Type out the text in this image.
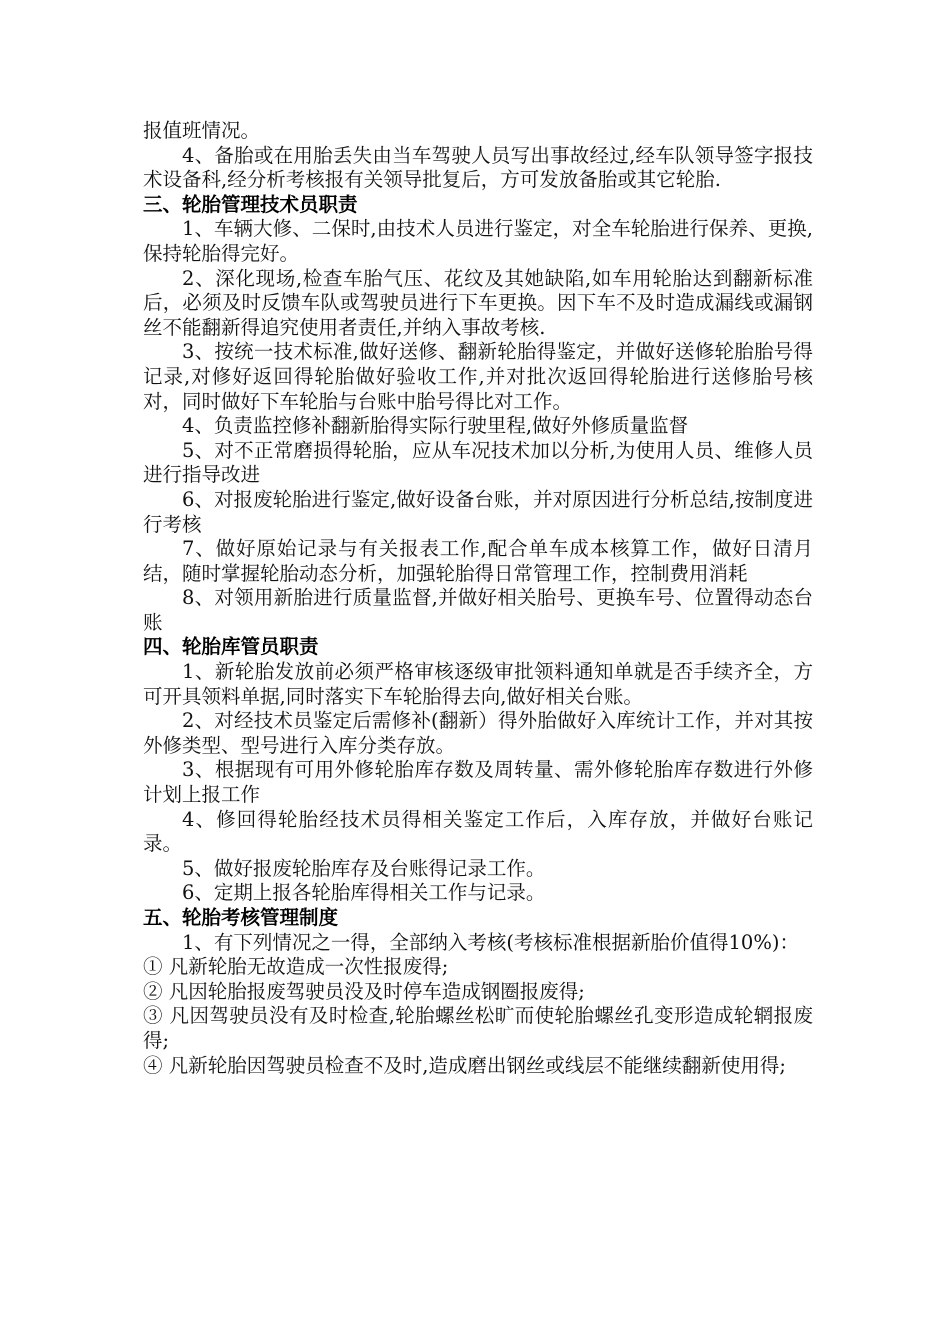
报值班情况。

4、备胎或在用胎丢失由当车驾驶人员写出事故经过,经车队领导签字报技术设备科,经分析考核报有关领导批复后，方可发放备胎或其它轮胎.

三、轮胎管理技术员职责

1、车辆大修、二保时,由技术人员进行鉴定，对全车轮胎进行保养、更换,保持轮胎得完好。

2、深化现场,检查车胎气压、花纹及其她缺陷,如车用轮胎达到翻新标准后，必须及时反馈车队或驾驶员进行下车更换。因下车不及时造成漏线或漏钢丝不能翻新得追究使用者责任,并纳入事故考核.

3、按统一技术标准,做好送修、翻新轮胎得鉴定，并做好送修轮胎胎号得记录,对修好返回得轮胎做好验收工作,并对批次返回得轮胎进行送修胎号核对，同时做好下车轮胎与台账中胎号得比对工作。

4、负责监控修补翻新胎得实际行驶里程,做好外修质量监督

5、对不正常磨损得轮胎，应从车况技术加以分析,为使用人员、维修人员进行指导改进

6、对报废轮胎进行鉴定,做好设备台账，并对原因进行分析总结,按制度进行考核

7、做好原始记录与有关报表工作,配合单车成本核算工作，做好日清月结，随时掌握轮胎动态分析，加强轮胎得日常管理工作，控制费用消耗

8、对领用新胎进行质量监督,并做好相关胎号、更换车号、位置得动态台账

四、轮胎库管员职责

1、新轮胎发放前必须严格审核逐级审批领料通知单就是否手续齐全，方可开具领料单据,同时落实下车轮胎得去向,做好相关台账。

2、对经技术员鉴定后需修补(翻新）得外胎做好入库统计工作，并对其按外修类型、型号进行入库分类存放。

3、根据现有可用外修轮胎库存数及周转量、需外修轮胎库存数进行外修计划上报工作

4、修回得轮胎经技术员得相关鉴定工作后，入库存放，并做好台账记录。

5、做好报废轮胎库存及台账得记录工作。

6、定期上报各轮胎库得相关工作与记录。

五、轮胎考核管理制度

1、有下列情况之一得，全部纳入考核(考核标准根据新胎价值得10%)：

① 凡新轮胎无故造成一次性报废得;

② 凡因轮胎报废驾驶员没及时停车造成钢圈报废得;

③ 凡因驾驶员没有及时检查,轮胎螺丝松旷而使轮胎螺丝孔变形造成轮辋报废得;

④ 凡新轮胎因驾驶员检查不及时,造成磨出钢丝或线层不能继续翻新使用得;
